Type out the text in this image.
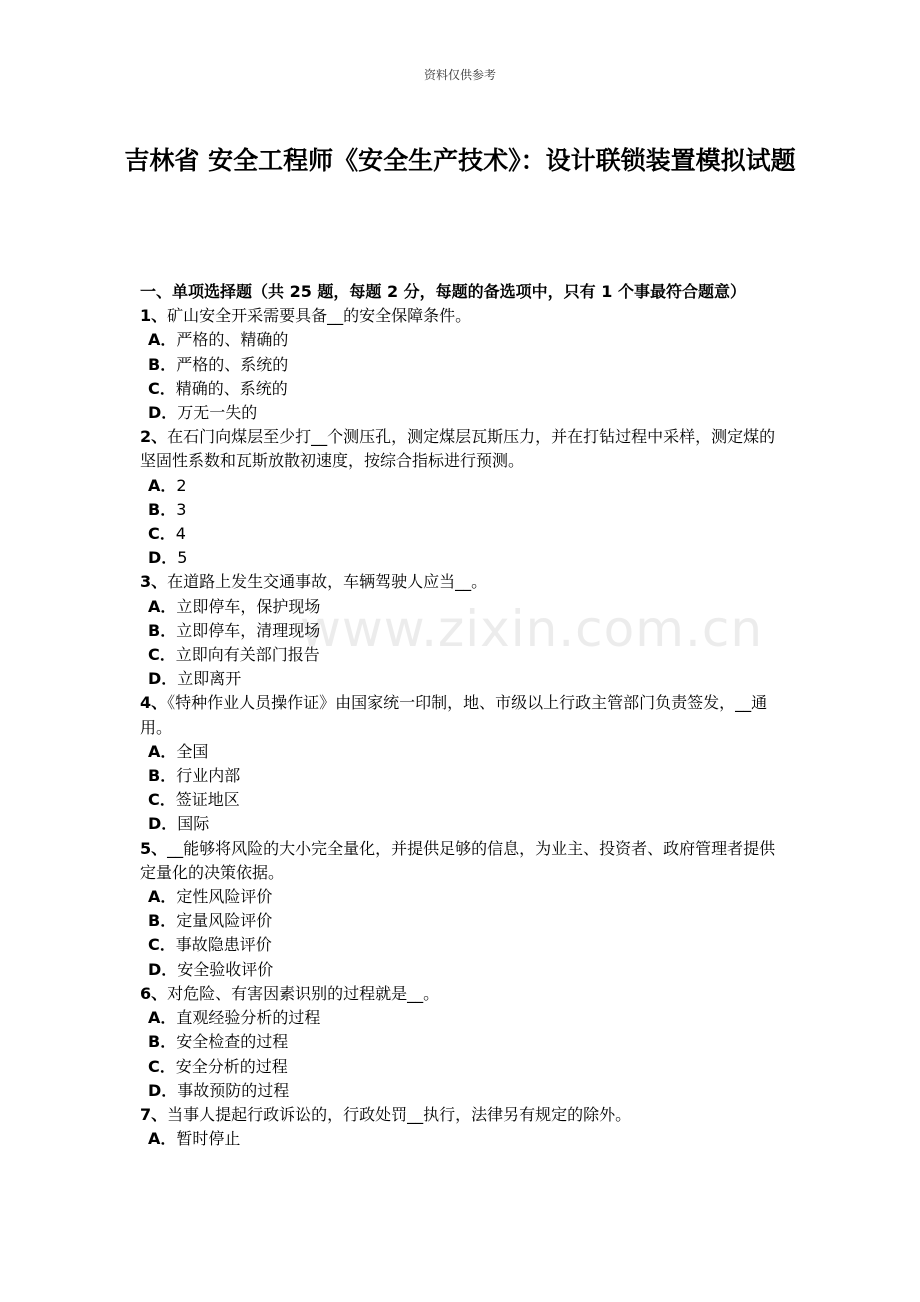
资料仅供参考
吉林省 安全工程师《安全生产技术》：设计联锁装置模拟试题
www.zixin.com.cn
一、单项选择题（共 25 题，每题 2 分，每题的备选项中，只有 1 个事最符合题意）
1、矿山安全开采需要具备__的安全保障条件。
A．严格的、精确的
B．严格的、系统的
C．精确的、系统的
D．万无一失的
2、在石门向煤层至少打__个测压孔，测定煤层瓦斯压力，并在打钻过程中采样，测定煤的坚固性系数和瓦斯放散初速度，按综合指标进行预测。
A．2
B．3
C．4
D．5
3、在道路上发生交通事故，车辆驾驶人应当__。
A．立即停车，保护现场
B．立即停车，清理现场
C．立即向有关部门报告
D．立即离开
4、《特种作业人员操作证》由国家统一印制，地、市级以上行政主管部门负责签发，__通用。
A．全国
B．行业内部
C．签证地区
D．国际
5、__能够将风险的大小完全量化，并提供足够的信息，为业主、投资者、政府管理者提供定量化的决策依据。
A．定性风险评价
B．定量风险评价
C．事故隐患评价
D．安全验收评价
6、对危险、有害因素识别的过程就是__。
A．直观经验分析的过程
B．安全检查的过程
C．安全分析的过程
D．事故预防的过程
7、当事人提起行政诉讼的，行政处罚__执行，法律另有规定的除外。
A．暂时停止
